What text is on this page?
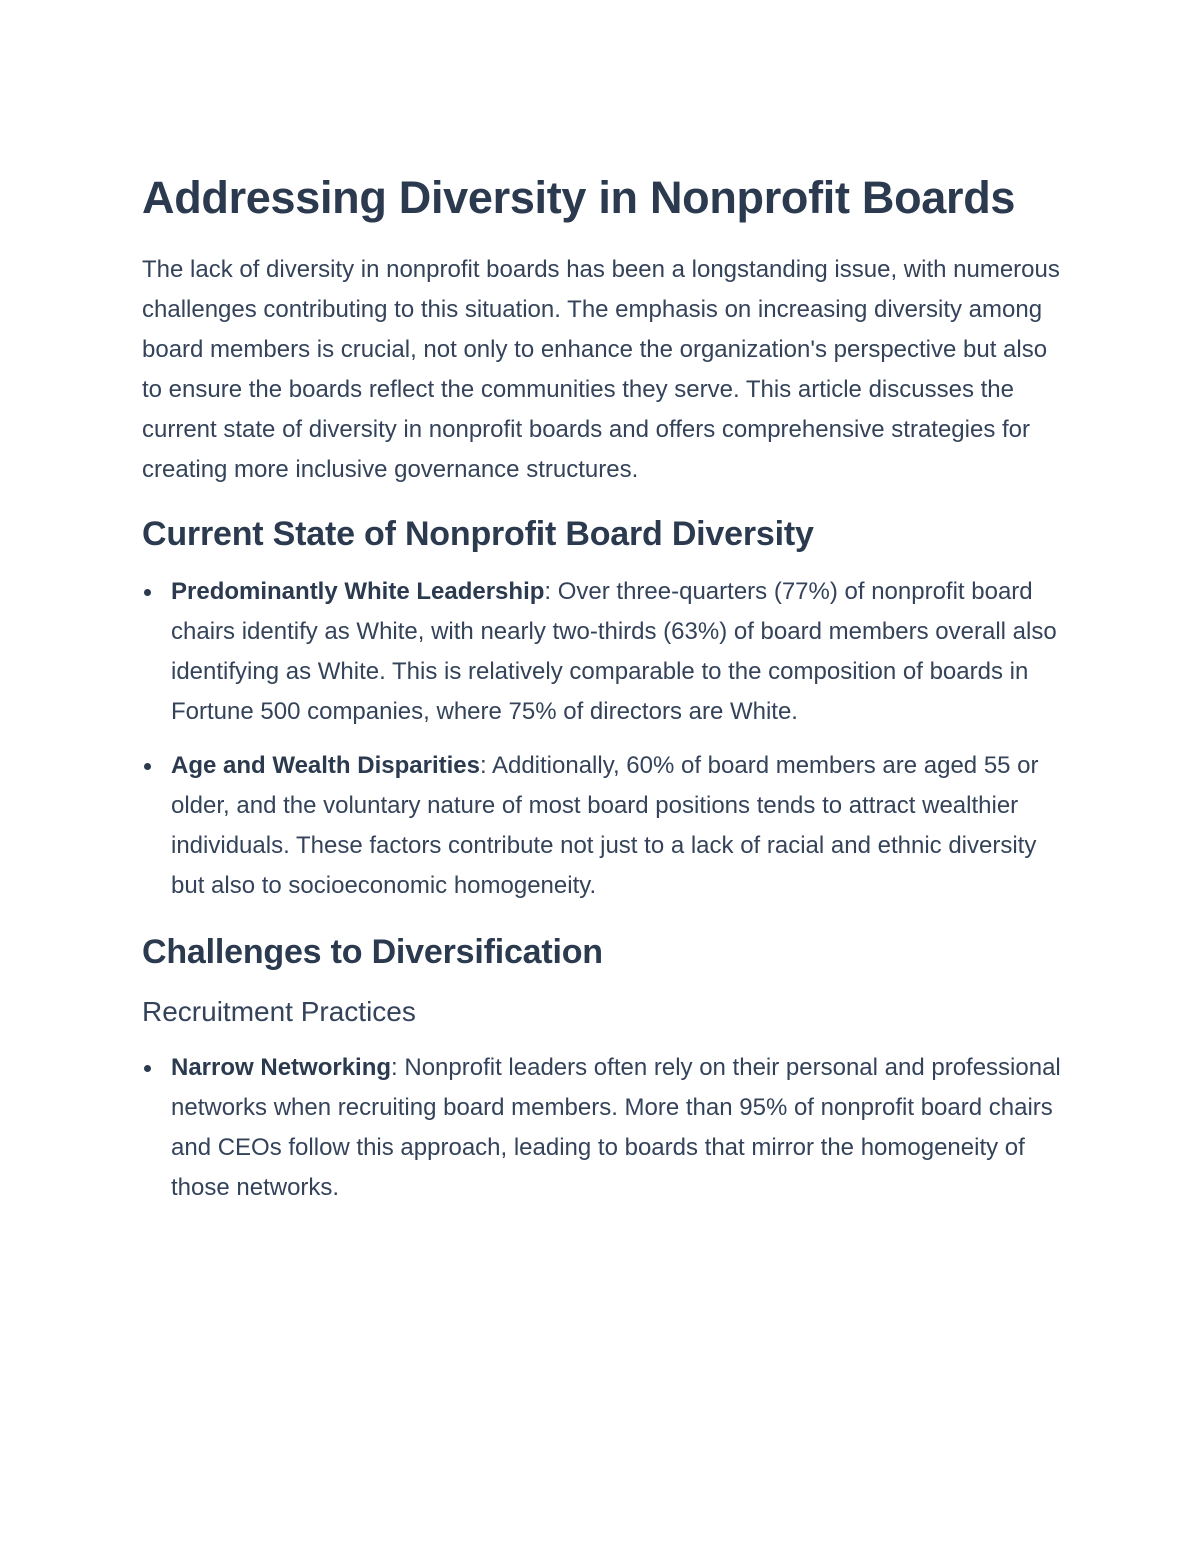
Addressing Diversity in Nonprofit Boards

The lack of diversity in nonprofit boards has been a longstanding issue, with numerous challenges contributing to this situation. The emphasis on increasing diversity among board members is crucial, not only to enhance the organization's perspective but also to ensure the boards reflect the communities they serve. This article discusses the current state of diversity in nonprofit boards and offers comprehensive strategies for creating more inclusive governance structures.

Current State of Nonprofit Board Diversity
Predominantly White Leadership: Over three-quarters (77%) of nonprofit board chairs identify as White, with nearly two-thirds (63%) of board members overall also identifying as White. This is relatively comparable to the composition of boards in Fortune 500 companies, where 75% of directors are White.
Age and Wealth Disparities: Additionally, 60% of board members are aged 55 or older, and the voluntary nature of most board positions tends to attract wealthier individuals. These factors contribute not just to a lack of racial and ethnic diversity but also to socioeconomic homogeneity.
Challenges to Diversification
Recruitment Practices
Narrow Networking: Nonprofit leaders often rely on their personal and professional networks when recruiting board members. More than 95% of nonprofit board chairs and CEOs follow this approach, leading to boards that mirror the homogeneity of those networks.
